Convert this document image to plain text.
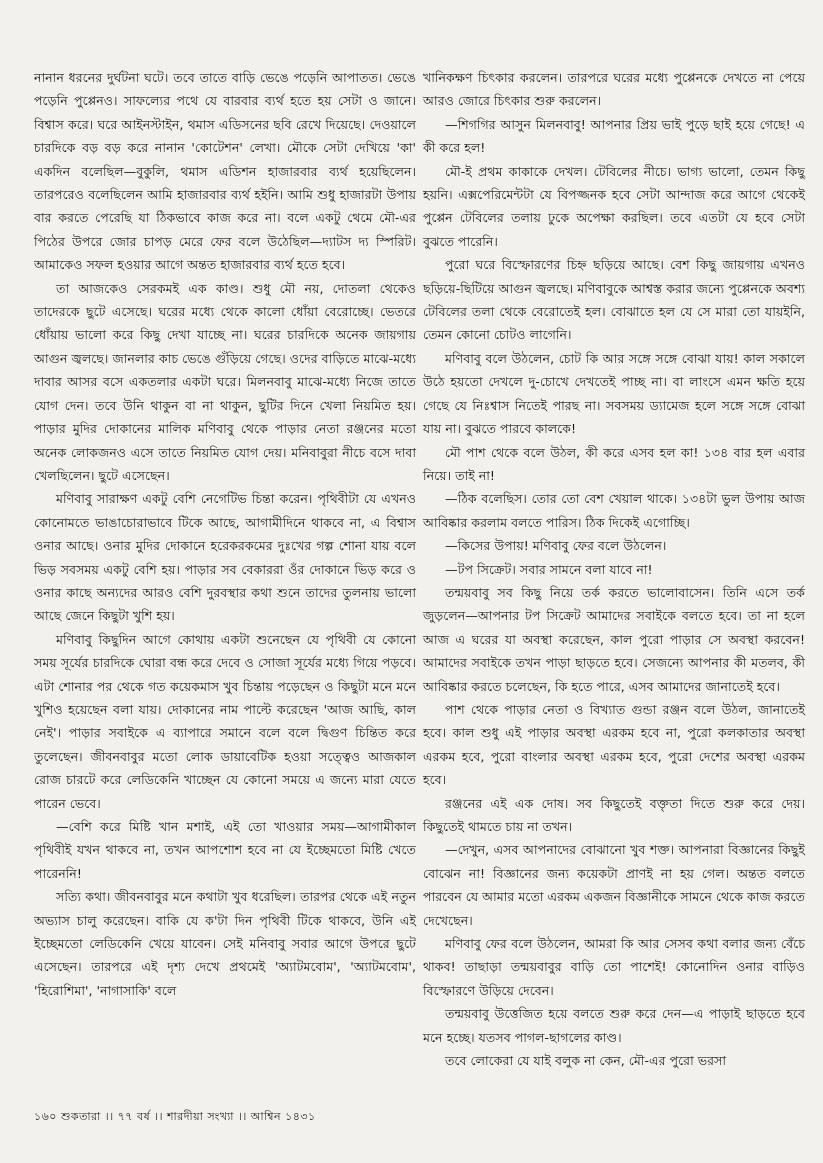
নানান ধরনের দুর্ঘটনা ঘটে। তবে তাতে বাড়ি ভেঙে পড়েনি আপাতত। ভেঙে পড়েনি পুপ্পেনও। সাফল্যের পথে যে বারবার ব্যর্থ হতে হয় সেটা ও জানে। বিশ্বাস করে। ঘরে আইনস্টাইন, থমাস এডিসনের ছবি রেখে দিয়েছে। দেওয়ালে চারদিকে বড় বড় করে নানান 'কোটেশন' লেখা। মৌকে সেটা দেখিয়ে 'কা' একদিন বলেছিল—বুকুলি, থমাস এডিশন হাজারবার ব্যর্থ হয়েছিলেন। তারপরেও বলেছিলেন আমি হাজারবার ব্যর্থ হইনি। আমি শুধু হাজারটা উপায় বার করতে পেরেছি যা ঠিকভাবে কাজ করে না। বলে একটু থেমে মৌ-এর পিঠের উপরে জোর চাপড় মেরে ফের বলে উঠেছিল—দ্যাটস দ্য স্পিরিট। আমাকেও সফল হওয়ার আগে অন্তত হাজারবার ব্যর্থ হতে হবে।

তা আজকেও সেরকমই এক কাণ্ড। শুধু মৌ নয়, দোতলা থেকেও তাদেরকে ছুটে এসেছে। ঘরের মধ্যে থেকে কালো ধোঁয়া বেরোচ্ছে। ভেতরে ধোঁয়ায় ভালো করে কিছু দেখা যাচ্ছে না। ঘরের চারদিকে অনেক জায়গায় আগুন জ্বলছে। জানলার কাচ ভেঙে গুঁড়িয়ে গেছে। ওদের বাড়িতে মাঝে-মধ্যে দাবার আসর বসে একতলার একটা ঘরে। মিলনবাবু মাঝে-মধ্যে নিজে তাতে যোগ দেন। তবে উনি থাকুন বা না থাকুন, ছুটির দিনে খেলা নিয়মিত হয়। পাড়ার মুদির দোকানের মালিক মণিবাবু থেকে পাড়ার নেতা রঞ্জনের মতো অনেক লোকজনও এসে তাতে নিয়মিত যোগ দেয়। মনিবাবুরা নীচে বসে দাবা খেলছিলেন। ছুটে এসেছেন।

মণিবাবু সারাক্ষণ একটু বেশি নেগেটিভ চিন্তা করেন। পৃথিবীটা যে এখনও কোনোমতে ভাঙাচোরাভাবে টিকে আছে, আগামীদিনে থাকবে না, এ বিশ্বাস ওনার আছে। ওনার মুদির দোকানে হরেকরকমের দুঃখের গল্প শোনা যায় বলে ভিড় সবসময় একটু বেশি হয়। পাড়ার সব বেকাররা ওঁর দোকানে ভিড় করে ও ওনার কাছে অন্যদের আরও বেশি দুরবস্থার কথা শুনে তাদের তুলনায় ভালো আছে জেনে কিছুটা খুশি হয়।

মণিবাবু কিছুদিন আগে কোথায় একটা শুনেছেন যে পৃথিবী যে কোনো সময় সূর্যের চারদিকে ঘোরা বন্ধ করে দেবে ও সোজা সূর্যের মধ্যে গিয়ে পড়বে। এটা শোনার পর থেকে গত কয়েকমাস খুব চিন্তায় পড়েছেন ও কিছুটা মনে মনে খুশিও হয়েছেন বলা যায়। দোকানের নাম পাল্টে করেছেন 'আজ আছি, কাল নেই'। পাড়ার সবাইকে এ ব্যাপারে সমানে বলে বলে দ্বিগুণ চিন্তিত করে তুলেছেন। জীবনবাবুর মতো লোক ডায়াবেটিক হওয়া সত্ত্বেও আজকাল রোজ চারটে করে লেডিকেনি খাচ্ছেন যে কোনো সময়ে এ জন্যে মারা যেতে পারেন ভেবে।

—বেশি করে মিষ্টি খান মশাই, এই তো খাওয়ার সময়—আগামীকাল পৃথিবীই যখন থাকবে না, তখন আপশোশ হবে না যে ইচ্ছেমতো মিষ্টি খেতে পারেননি!

সত্যি কথা। জীবনবাবুর মনে কথাটা খুব ধরেছিল। তারপর থেকে এই নতুন অভ্যাস চালু করেছেন। বাকি যে ক'টা দিন পৃথিবী টিকে থাকবে, উনি এই ইচ্ছেমতো লেডিকেনি খেয়ে যাবেন। সেই মনিবাবু সবার আগে উপরে ছুটে এসেছেন। তারপরে এই দৃশ্য দেখে প্রথমেই 'অ্যাটমবোম', 'অ্যাটমবোম', 'হিরোশিমা', 'নাগাসাকি' বলে

খানিকক্ষণ চিৎকার করলেন। তারপরে ঘরের মধ্যে পুপ্পেনকে দেখতে না পেয়ে আরও জোরে চিৎকার শুরু করলেন।

—শিগগির আসুন মিলনবাবু! আপনার প্রিয় ভাই পুড়ে ছাই হয়ে গেছে! এ কী করে হল!

মৌ-ই প্রথম কাকাকে দেখল। টেবিলের নীচে। ভাগ্য ভালো, তেমন কিছু হয়নি। এক্সপেরিমেন্টটা যে বিপজ্জনক হবে সেটা আন্দাজ করে আগে থেকেই পুপ্পেন টেবিলের তলায় ঢুকে অপেক্ষা করছিল। তবে এতটা যে হবে সেটা বুঝতে পারেনি।

পুরো ঘরে বিস্ফোরণের চিহ্ন ছড়িয়ে আছে। বেশ কিছু জায়গায় এখনও ছড়িয়ে-ছিটিয়ে আগুন জ্বলছে। মণিবাবুকে আশ্বস্ত করার জন্যে পুপ্পেনকে অবশ্য টেবিলের তলা থেকে বেরোতেই হল। বোঝাতে হল যে সে মারা তো যায়ইনি, তেমন কোনো চোটও লাগেনি।

মণিবাবু বলে উঠলেন, চোট কি আর সঙ্গে সঙ্গে বোঝা যায়! কাল সকালে উঠে হয়তো দেখলে দু-চোখে দেখতেই পাচ্ছ না। বা লাংসে এমন ক্ষতি হয়ে গেছে যে নিঃশ্বাস নিতেই পারছ না। সবসময় ড্যামেজ হলে সঙ্গে সঙ্গে বোঝা যায় না। বুঝতে পারবে কালকে!

মৌ পাশ থেকে বলে উঠল, কী করে এসব হল কা! ১৩৪ বার হল এবার নিয়ে। তাই না!

—ঠিক বলেছিস। তোর তো বেশ খেয়াল থাকে। ১৩৪টা ভুল উপায় আজ আবিষ্কার করলাম বলতে পারিস। ঠিক দিকেই এগোচ্ছি।

—কিসের উপায়! মণিবাবু ফের বলে উঠলেন।

—টপ সিক্রেট। সবার সামনে বলা যাবে না!

তন্ময়বাবু সব কিছু নিয়ে তর্ক করতে ভালোবাসেন। তিনি এসে তর্ক জুড়লেন—আপনার টপ সিক্রেট আমাদের সবাইকে বলতে হবে। তা না হলে আজ এ ঘরের যা অবস্থা করেছেন, কাল পুরো পাড়ার সে অবস্থা করবেন! আমাদের সবাইকে তখন পাড়া ছাড়তে হবে। সেজন্যে আপনার কী মতলব, কী আবিষ্কার করতে চলেছেন, কি হতে পারে, এসব আমাদের জানাতেই হবে।

পাশ থেকে পাড়ার নেতা ও বিখ্যাত গুন্ডা রঞ্জন বলে উঠল, জানাতেই হবে। কাল শুধু এই পাড়ার অবস্থা এরকম হবে না, পুরো কলকাতার অবস্থা এরকম হবে, পুরো বাংলার অবস্থা এরকম হবে, পুরো দেশের অবস্থা এরকম হবে।

রঞ্জনের এই এক দোষ। সব কিছুতেই বক্তৃতা দিতে শুরু করে দেয়। কিছুতেই থামতে চায় না তখন।

—দেখুন, এসব আপনাদের বোঝানো খুব শক্ত। আপনারা বিজ্ঞানের কিছুই বোঝেন না! বিজ্ঞানের জন্য কয়েকটা প্রাণই না হয় গেল। অন্তত বলতে পারবেন যে আমার মতো এরকম একজন বিজ্ঞানীকে সামনে থেকে কাজ করতে দেখেছেন।

মণিবাবু ফের বলে উঠলেন, আমরা কি আর সেসব কথা বলার জন্য বেঁচে থাকব! তাছাড়া তন্ময়বাবুর বাড়ি তো পাশেই! কোনোদিন ওনার বাড়িও বিস্ফোরণে উড়িয়ে দেবেন।

তন্ময়বাবু উত্তেজিত হয়ে বলতে শুরু করে দেন—এ পাড়াই ছাড়তে হবে মনে হচ্ছে। যতসব পাগল-ছাগলের কাণ্ড।

তবে লোকেরা যে যাই বলুক না কেন, মৌ-এর পুরো ভরসা

১৬০ শুকতারা ।। ৭৭ বর্ষ ।। শারদীয়া সংখ্যা ।। আশ্বিন ১৪৩১
